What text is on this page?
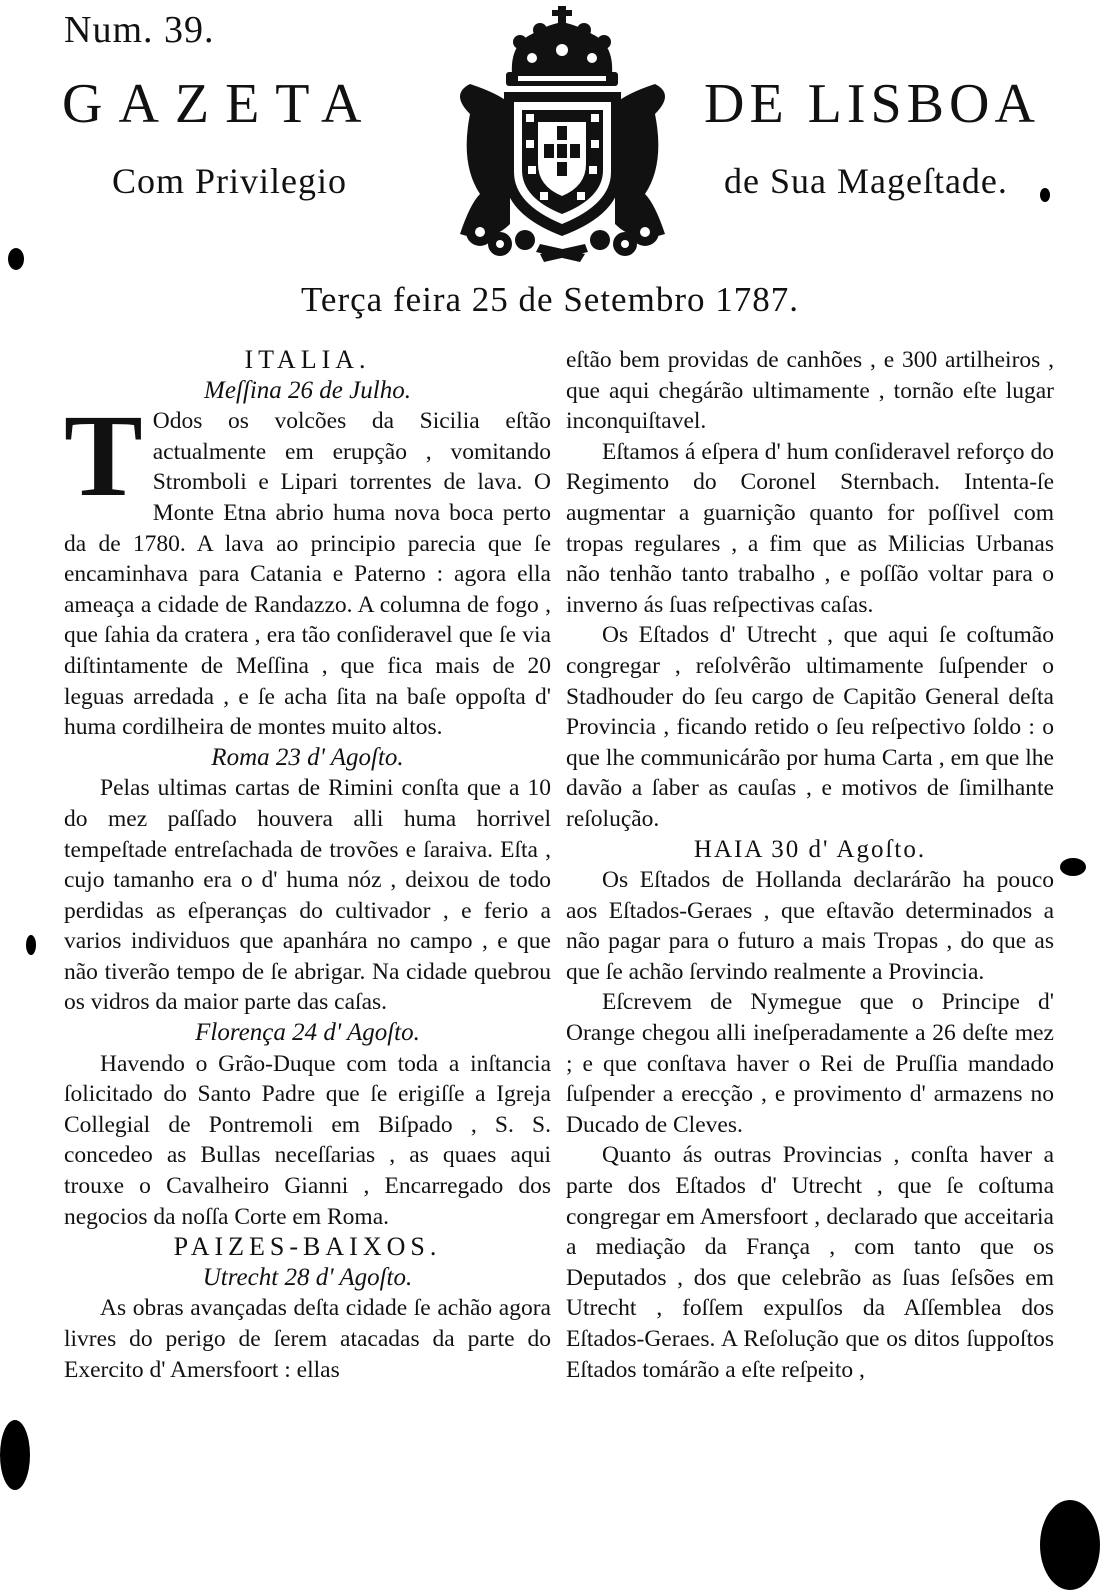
Num. 39.
GAZETA	DE LISBOA
Com Privilegio	de Sua Mageſtade.
Terça feira 25 de Setembro 1787.

ITALIA.

Meſſina 26 de Julho.

T Odos os volcões da Sicilia eſtão actualmente em erupção , vomitando Stromboli e Lipari torrentes de lava. O Monte Etna abrio huma nova boca perto da de 1780. A lava ao principio parecia que ſe encaminhava para Catania e Paterno : agora ella ameaça a cidade de Randazzo. A columna de fogo , que ſahia da cratera , era tão conſideravel que ſe via diſtintamente de Meſſina , que fica mais de 20 leguas arredada , e ſe acha ſita na baſe oppoſta d' huma cordilheira de montes muito altos.

Roma 23 d' Agoſto.

Pelas ultimas cartas de Rimini conſta que a 10 do mez paſſado houvera alli huma horrivel tempeſtade entreſachada de trovões e ſaraiva. Eſta , cujo tamanho era o d' huma nóz , deixou de todo perdidas as eſperanças do cultivador , e ferio a varios individuos que apanhára no campo , e que não tiverão tempo de ſe abrigar. Na cidade quebrou os vidros da maior parte das caſas.

Florença 24 d' Agoſto.

Havendo o Grão-Duque com toda a inſtancia ſolicitado do Santo Padre que ſe erigiſſe a Igreja Collegial de Pontremoli em Biſpado , S. S. concedeo as Bullas neceſſarias , as quaes aqui trouxe o Cavalheiro Gianni , Encarregado dos negocios da noſſa Corte em Roma.

PAIZES-BAIXOS.

Utrecht 28 d' Agoſto.

As obras avançadas deſta cidade ſe achão agora livres do perigo de ſerem atacadas da parte do Exercito d' Amersfoort : ellas

eſtão bem providas de canhões , e 300 artilheiros , que aqui chegárão ultimamente , tornão eſte lugar inconquiſtavel.

Eſtamos á eſpera d' hum conſideravel reforço do Regimento do Coronel Sternbach. Intenta-ſe augmentar a guarnição quanto for poſſivel com tropas regulares , a fim que as Milicias Urbanas não tenhão tanto trabalho , e poſſão voltar para o inverno ás ſuas reſpectivas caſas.

Os Eſtados d' Utrecht , que aqui ſe coſtumão congregar , reſolvêrão ultimamente ſuſpender o Stadhouder do ſeu cargo de Capitão General deſta Provincia , ficando retido o ſeu reſpectivo ſoldo : o que lhe communicárão por huma Carta , em que lhe davão a ſaber as cauſas , e motivos de ſimilhante reſolução.

HAIA 30 d' Agoſto.

Os Eſtados de Hollanda declarárão ha pouco aos Eſtados-Geraes , que eſtavão determinados a não pagar para o futuro a mais Tropas , do que as que ſe achão ſervindo realmente a Provincia.

Eſcrevem de Nymegue que o Principe d' Orange chegou alli ineſperadamente a 26 deſte mez ; e que conſtava haver o Rei de Pruſſia mandado ſuſpender a erecção , e provimento d' armazens no Ducado de Cleves.

Quanto ás outras Provincias , conſta haver a parte dos Eſtados d' Utrecht , que ſe coſtuma congregar em Amersfoort , declarado que acceitaria a mediação da França , com tanto que os Deputados , dos que celebrão as ſuas ſeſsões em Utrecht , foſſem expulſos da Aſſemblea dos Eſtados-Geraes. A Reſolução que os ditos ſuppoſtos Eſtados tomárão a eſte reſpeito ,
